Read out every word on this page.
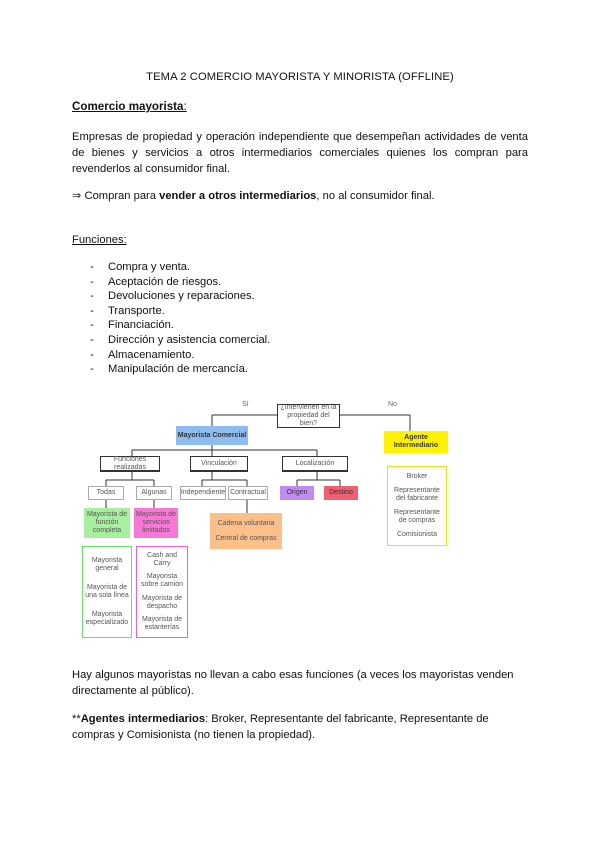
TEMA 2 COMERCIO MAYORISTA Y MINORISTA (OFFLINE)
Comercio mayorista:
Empresas de propiedad y operación independiente que desempeñan actividades de venta de bienes y servicios a otros intermediarios comerciales quienes los compran para revenderlos al consumidor final.
⇒ Compran para vender a otros intermediarios, no al consumidor final.
Funciones:
- Compra y venta.
- Aceptación de riesgos.
- Devoluciones y reparaciones.
- Transporte.
- Financiación.
- Dirección y asistencia comercial.
- Almacenamiento.
- Manipulación de mercancía.
Sí	No
¿Intervienen en la propiedad del bien?
Mayorista Comercial	Agente Intermediario
Broker
Representante del fabricante
Representante de compras
Comisionista
Funciones realizadas
Vinculación	Localización
Todas	Algunas	Independiente Contractual	Origen	Destino
Mayorista de función completa
Mayorista de servicios limitados
Cadena voluntaria
Central de compras
Mayorista general
Mayorista de una sola línea
Mayorista especializado
Cash and Carry
Mayorista sobre camión
Mayorista de despacho
Mayorista de estanterías
Hay algunos mayoristas no llevan a cabo esas funciones (a veces los mayoristas venden directamente al público).
**Agentes intermediarios: Broker, Representante del fabricante, Representante de compras y Comisionista (no tienen la propiedad).
